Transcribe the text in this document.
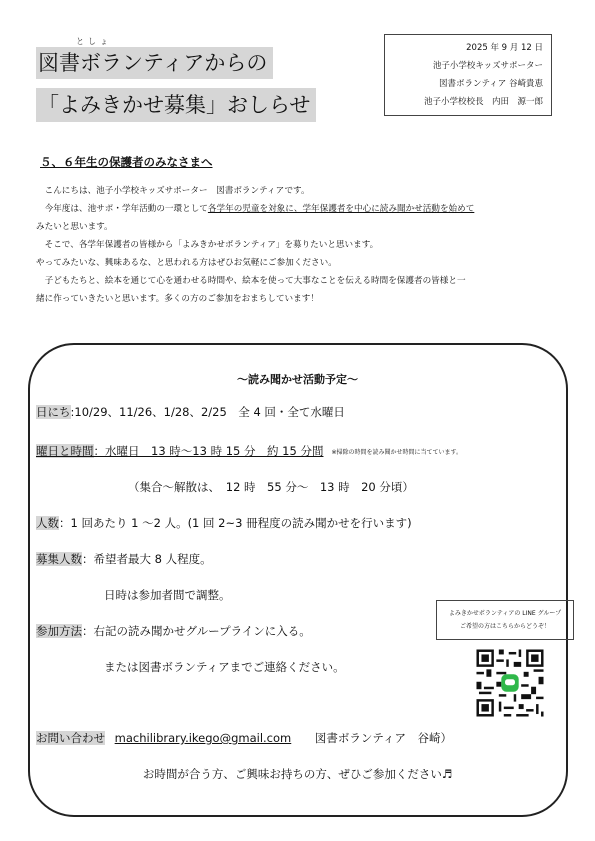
としょ
図書ボランティアからの
「よみきかせ募集」おしらせ
2025 年 9 月 12 日
池子小学校キッズサポーター
図書ボランティア 谷崎貴恵
池子小学校校長　内田　源一郎
５、６年生の保護者のみなさまへ

　こんにちは、池子小学校キッズサポーター　図書ボランティアです。

　今年度は、池サポ・学年活動の一環として各学年の児童を対象に、学年保護者を中心に読み聞かせ活動を始めて

みたいと思います。

　そこで、各学年保護者の皆様から「よみきかせボランティア」を募りたいと思います。

やってみたいな、興味あるな、と思われる方はぜひお気軽にご参加ください。

　子どもたちと、絵本を通じて心を通わせる時間や、絵本を使って大事なことを伝える時間を保護者の皆様と一

緒に作っていきたいと思います。多くの方のご参加をおまちしています！

～読み聞かせ活動予定～
日にち:10/29、11/26、1/28、2/25　全 4 回・全て水曜日
曜日と時間：水曜日　13 時～13 時 15 分　約 15 分間 ※掃除の時間を読み聞かせ時間に当てています。
（集合～解散は、　12 時　55 分～　13 時　20 分頃）
人数：1 回あたり 1 ～2 人。(1 回 2~3 冊程度の読み聞かせを行います)
募集人数：希望者最大 8 人程度。
日時は参加者間で調整。
参加方法：右記の読み聞かせグループラインに入る。
または図書ボランティアまでご連絡ください。
よみきかせボランティアの LINE グループ
ご希望の方はこちらからどうぞ！
お問い合わせ machilibrary.ikego@gmail.com 図書ボランティア　谷崎）
お時間が合う方、ご興味お持ちの方、ぜひご参加ください♬
